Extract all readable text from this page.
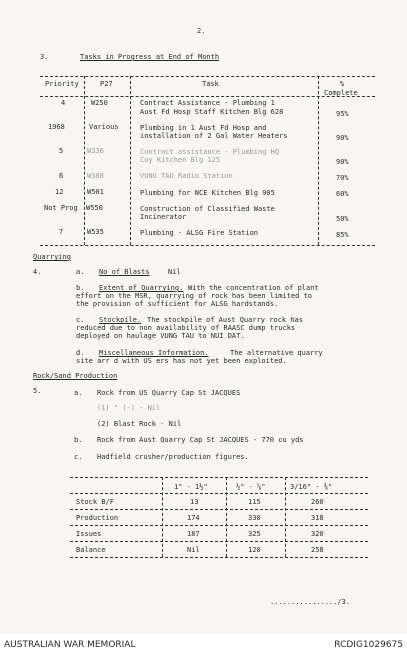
2.
3.	Tasks in Progress at End of Month
Priority	P27	Task	%
Complete
4	W250	Contract Assistance - Plumbing 1
Aust Fd Hosp Staff Kitchen Blg 628	95%
1968	Various	Plumbing in 1 Aust Fd Hosp and
installation of 2 Gal Water Heaters	90%
5	W336	Contract assistance - Plumbing HQ
Coy Kitchen Blg 125	90%
6	W388	VUNG TAU Radio Station	70%
12	W501	Plumbing for NCE Kitchen Blg 905	60%
Not Prog W550	Construction of Classified Waste
Incinerator	50%
7	W535	Plumbing - ALSG Fire Station	85%
Quarrying
4.	a. No of Blasts	Nil
b. Extent of Quarrying. With the concentration of plant
effort on the MSR, quarrying of rock has been limited to
the provision of sufficient for ALSG hardstands.
c. Stockpile. The stockpile of Aust Quarry rock has
reduced due to non availability of RAASC dump trucks
deployed on haulage VUNG TAU to NUI DAT.
d. Miscellaneous Information.	The alternative quarry
site arr d with US ers has not yet been exploited.
Rock/Sand Production
5.	a. Rock from US Quarry Cap St JACQUES
(1) " (-) - Nil
(2) Blast Rock - Nil
b. Rock from Aust Quarry Cap St JACQUES - 770 cu yds
c. Hadfield crusher/production figures.
1" - 1½"	½" - ⅝"	3/16" - ⅜"
Stock B/F	13	115	260
Production	174	330	318
Issues	187	325	320
Balance	Nil	120	258
................/3.
AUSTRALIAN WAR MEMORIAL	RCDIG1029675
